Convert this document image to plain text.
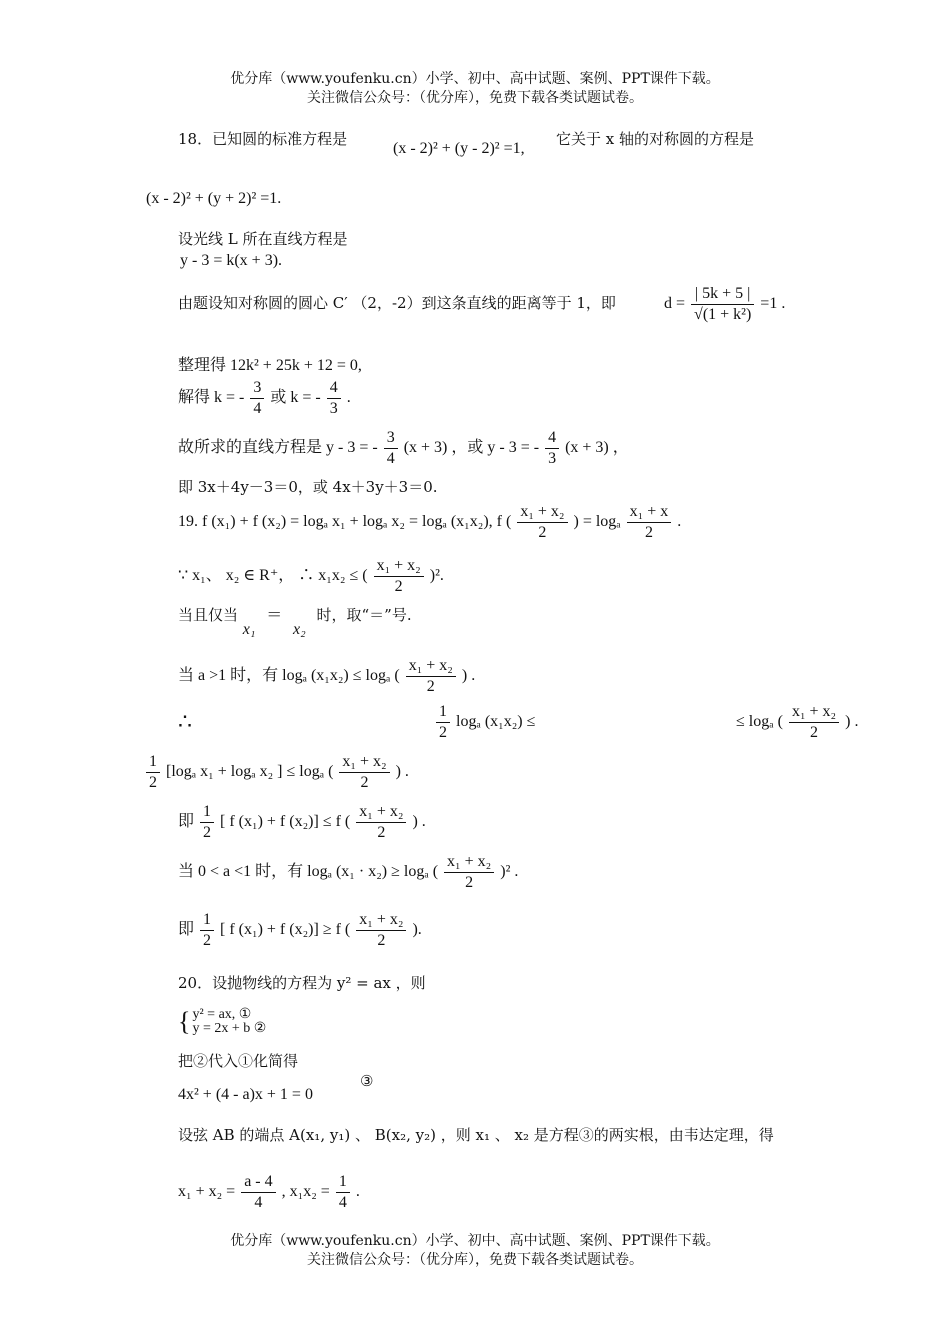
优分库（www.youfenku.cn）小学、初中、高中试题、案例、PPT课件下载。
关注微信公众号：（优分库），免费下载各类试题试卷。
18．已知圆的标准方程是
(x - 2)² + (y - 2)² =1,
它关于 x 轴的对称圆的方程是
(x - 2)² + (y + 2)² =1.
设光线 L 所在直线方程是
y - 3 = k(x + 3).
由题设知对称圆的圆心 C′ （2，-2）到这条直线的距离等于 1，即	$d = \frac{| 5k + 5 |}{\text{√(1 + k²)}} =1$ .
整理得 12k² + 25k + 12 = 0,
解得 k = - $\frac{3}{4}$ 或 k = - $\frac{4}{3}$ .
故所求的直线方程是 y - 3 = - $\frac{3}{4} (x + 3)$ ，或 y - 3 = - $\frac{4}{3} (x + 3)$ ，
即 3x＋4y－3＝0，或 4x＋3y＋3＝0.
19. f (x₁) + f (x₂) = logₐ x₁ + logₐ x₂ = logₐ (x₁x₂), f ( $\frac{\text{x₁ + x₂}}{2}$ ) = logₐ $\frac{\text{x₁ + x}}{2}$ .
∵ x₁、 x₂ ∈ R⁺， ∴ x₁x₂ ≤ ( $\frac{\text{x₁ + x₂}}{2} )^2$.
当且仅当 x₁ ＝ x₂ 时，取“＝”号.
当 a >1 时，有 logₐ (x₁x₂) ≤ logₐ ( $\frac{\text{x₁ + x₂}}{2}$ ) .
∴	$\frac{1}{2}$ logₐ (x₁x₂) ≤	≤ logₐ ( $\frac{\text{x₁ + x₂}}{2}$ ) .
$\frac{1}{2} [\log_a$ x₁ + logₐ x₂ ] ≤ logₐ ( $\frac{\text{x₁ + x₂}}{2}$ ) .
即 $\frac{1}{2}$ [ f (x₁) + f (x₂)] ≤ f ( $\frac{\text{x₁ + x₂}}{2}$ ) .
当 0 < a <1 时，有 logₐ (x₁ · x₂) ≥ logₐ ( $\frac{\text{x₁ + x₂}}{2} )^2$ .
即 $\frac{1}{2}$ [ f (x₁) + f (x₂)] ≥ f ( $\frac{\text{x₁ + x₂}}{2}$ ).
20．设抛物线的方程为 y² = ax ，则
{ y² = ax, ①
y = 2x + b ②
把②代入①化简得
4x² + (4 - a)x + 1 = 0
③
设弦 AB 的端点 A(x₁, y₁) 、 B(x₂, y₂) ，则 x₁ 、 x₂ 是方程③的两实根，由韦达定理，得
$x_1 + x_2 = \frac{a - 4}{4}$ , $x_1x_2 = \frac{1}{4}$ .
优分库（www.youfenku.cn）小学、初中、高中试题、案例、PPT课件下载。
关注微信公众号：（优分库），免费下载各类试题试卷。
